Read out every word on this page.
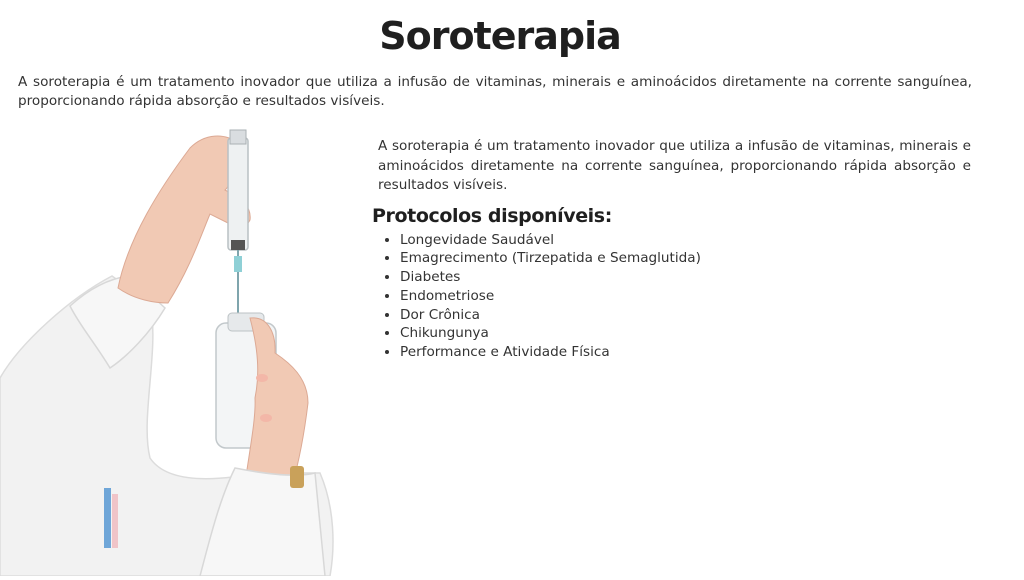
Soroterapia
A soroterapia é um tratamento inovador que utiliza a infusão de vitaminas, minerais e aminoácidos diretamente na corrente sanguínea, proporcionando rápida absorção e resultados visíveis.

A soroterapia é um tratamento inovador que utiliza a infusão de vitaminas, minerais e aminoácidos diretamente na corrente sanguínea, proporcionando rápida absorção e resultados visíveis.

Protocolos disponíveis:
• Longevidade Saudável
• Emagrecimento (Tirzepatida e Semaglutida)
• Diabetes
• Endometriose
• Dor Crônica
• Chikungunya
• Performance e Atividade Física
